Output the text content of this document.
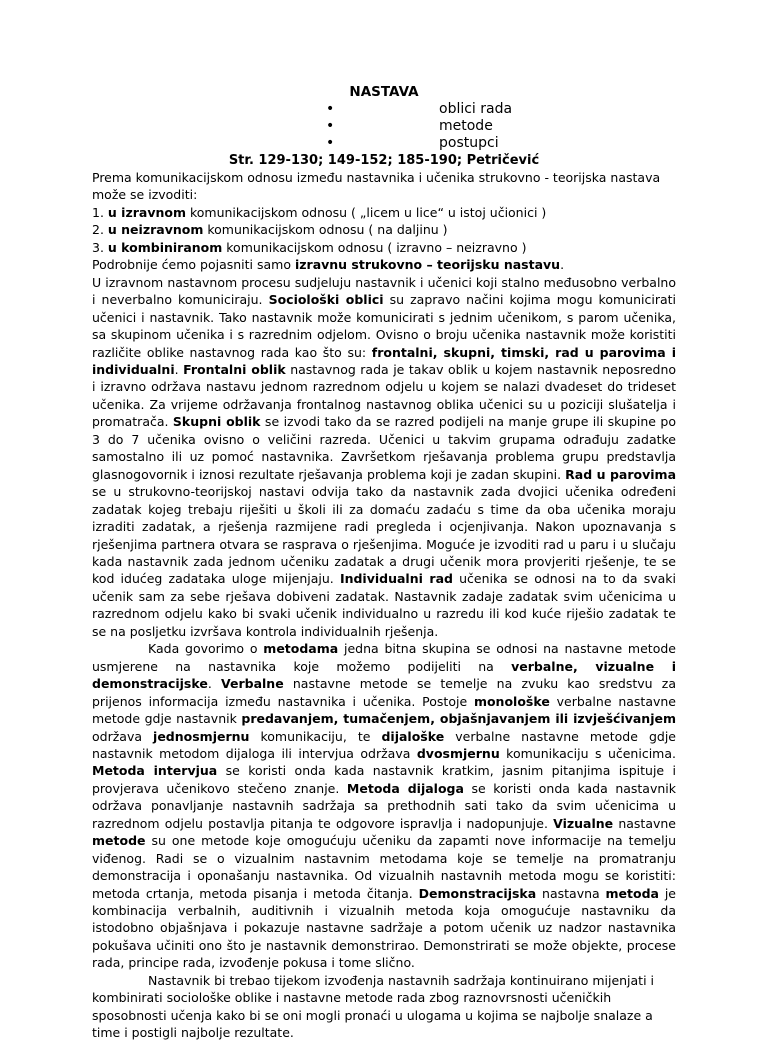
NASTAVA
•	oblici rada
•	metode
•	postupci
Str. 129-130; 149-152; 185-190; Petričević

Prema komunikacijskom odnosu između nastavnika i učenika strukovno - teorijska nastava može se izvoditi:

1. u izravnom komunikacijskom odnosu ( „licem u lice“ u istoj učionici )

2. u neizravnom komunikacijskom odnosu ( na daljinu )

3. u kombiniranom komunikacijskom odnosu ( izravno – neizravno )

Podrobnije ćemo pojasniti samo izravnu strukovno – teorijsku nastavu.

U izravnom nastavnom procesu sudjeluju nastavnik i učenici koji stalno međusobno verbalno i neverbalno komuniciraju. Sociološki oblici su zapravo načini kojima mogu komunicirati učenici i nastavnik. Tako nastavnik može komunicirati s jednim učenikom, s parom učenika, sa skupinom učenika i s razrednim odjelom. Ovisno o broju učenika nastavnik može koristiti različite oblike nastavnog rada kao što su: frontalni, skupni, timski, rad u parovima i individualni. Frontalni oblik nastavnog rada je takav oblik u kojem nastavnik neposredno i izravno održava nastavu jednom razrednom odjelu u kojem se nalazi dvadeset do trideset učenika. Za vrijeme održavanja frontalnog nastavnog oblika učenici su u poziciji slušatelja i promatrača. Skupni oblik se izvodi tako da se razred podijeli na manje grupe ili skupine po 3 do 7 učenika ovisno o veličini razreda. Učenici u takvim grupama odrađuju zadatke samostalno ili uz pomoć nastavnika. Završetkom rješavanja problema grupu predstavlja glasnogovornik i iznosi rezultate rješavanja problema koji je zadan skupini. Rad u parovima se u strukovno-teorijskoj nastavi odvija tako da nastavnik zada dvojici učenika određeni zadatak kojeg trebaju riješiti u školi ili za domaću zadaću s time da oba učenika moraju izraditi zadatak, a rješenja razmijene radi pregleda i ocjenjivanja. Nakon upoznavanja s rješenjima partnera otvara se rasprava o rješenjima. Moguće je izvoditi rad u paru i u slučaju kada nastavnik zada jednom učeniku zadatak a drugi učenik mora provjeriti rješenje, te se kod idućeg zadataka uloge mijenjaju. Individualni rad učenika se odnosi na to da svaki učenik sam za sebe rješava dobiveni zadatak. Nastavnik zadaje zadatak svim učenicima u razrednom odjelu kako bi svaki učenik individualno u razredu ili kod kuće riješio zadatak te se na posljetku izvršava kontrola individualnih rješenja.

Kada govorimo o metodama jedna bitna skupina se odnosi na nastavne metode usmjerene na nastavnika koje možemo podijeliti na verbalne, vizualne i demonstracijske. Verbalne nastavne metode se temelje na zvuku kao sredstvu za prijenos informacija između nastavnika i učenika. Postoje monološke verbalne nastavne metode gdje nastavnik predavanjem, tumačenjem, objašnjavanjem ili izvješćivanjem održava jednosmjernu komunikaciju, te dijaloške verbalne nastavne metode gdje nastavnik metodom dijaloga ili intervjua održava dvosmjernu komunikaciju s učenicima. Metoda intervjua se koristi onda kada nastavnik kratkim, jasnim pitanjima ispituje i provjerava učenikovo stečeno znanje. Metoda dijaloga se koristi onda kada nastavnik održava ponavljanje nastavnih sadržaja sa prethodnih sati tako da svim učenicima u razrednom odjelu postavlja pitanja te odgovore ispravlja i nadopunjuje. Vizualne nastavne metode su one metode koje omogućuju učeniku da zapamti nove informacije na temelju viđenog. Radi se o vizualnim nastavnim metodama koje se temelje na promatranju demonstracija i oponašanju nastavnika. Od vizualnih nastavnih metoda mogu se koristiti: metoda crtanja, metoda pisanja i metoda čitanja. Demonstracijska nastavna metoda je kombinacija verbalnih, auditivnih i vizualnih metoda koja omogućuje nastavniku da istodobno objašnjava i pokazuje nastavne sadržaje a potom učenik uz nadzor nastavnika pokušava učiniti ono što je nastavnik demonstrirao. Demonstrirati se može objekte, procese rada, principe rada, izvođenje pokusa i tome slično.

Nastavnik bi trebao tijekom izvođenja nastavnih sadržaja kontinuirano mijenjati i kombinirati sociološke oblike i nastavne metode rada zbog raznovrsnosti učeničkih sposobnosti učenja kako bi se oni mogli pronaći u ulogama u kojima se najbolje snalaze a time i postigli najbolje rezultate.
